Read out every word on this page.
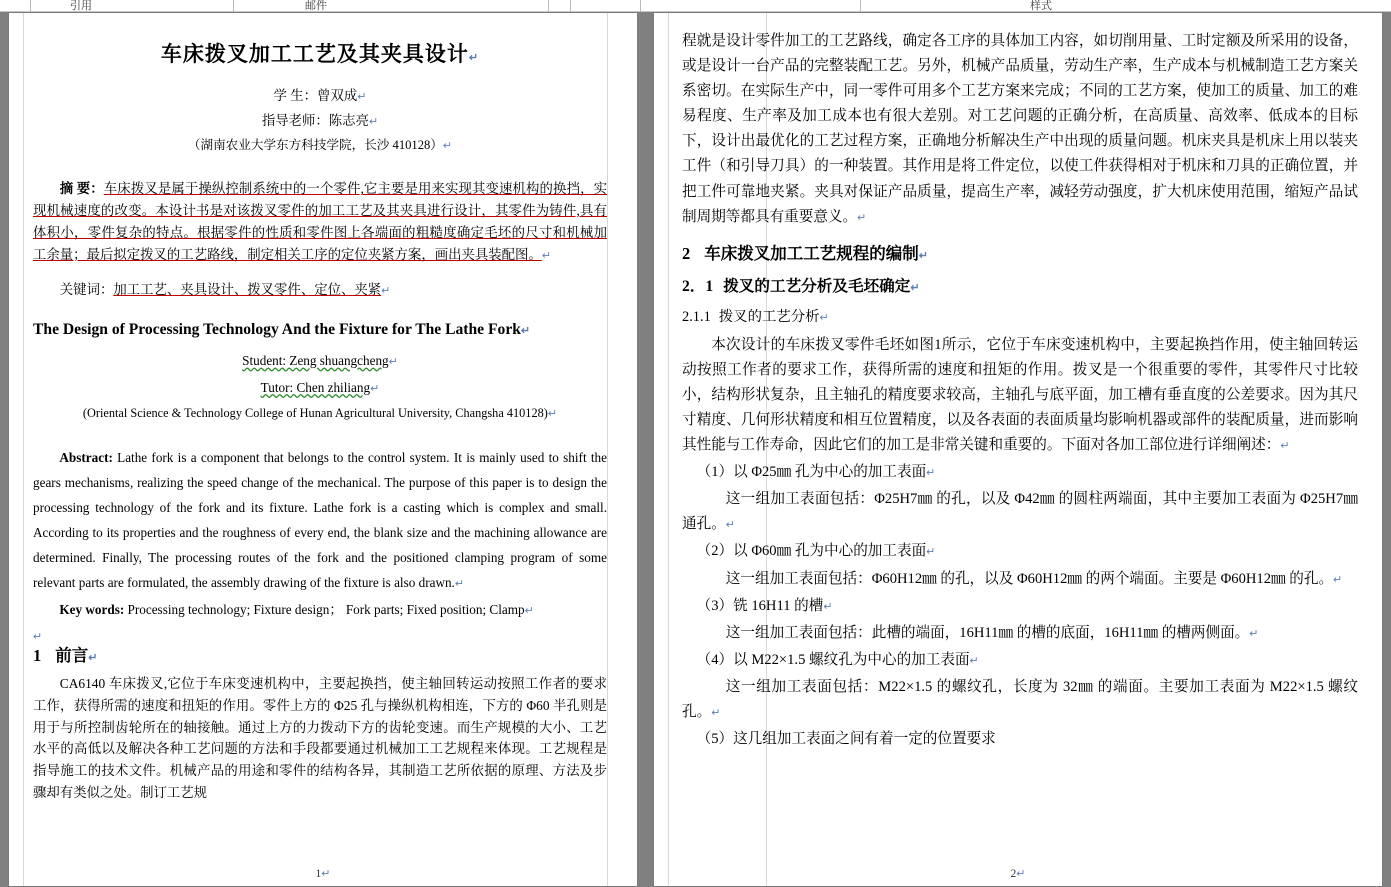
引用	邮件	样式
车床拨叉加工工艺及其夹具设计↵
学 生：曾双成↵
指导老师：陈志亮↵
（湖南农业大学东方科技学院，长沙 410128）↵
摘 要：车床拨叉是属于操纵控制系统中的一个零件,它主要是用来实现其变速机构的换挡，实现机械速度的改变。本设计书是对该拨叉零件的加工工艺及其夹具进行设计，其零件为铸件,具有体积小，零件复杂的特点。根据零件的性质和零件图上各端面的粗糙度确定毛坯的尺寸和机械加工余量；最后拟定拨叉的工艺路线，制定相关工序的定位夹紧方案，画出夹具装配图。↵
关键词：加工工艺、夹具设计、拨叉零件、定位、夹紧↵
The Design of Processing Technology And the Fixture for The Lathe Fork↵
Student: Zeng shuangcheng↵
Tutor: Chen zhiliang↵
(Oriental Science & Technology College of Hunan Agricultural University, Changsha 410128)↵
Abstract: Lathe fork is a component that belongs to the control system. It is mainly used to shift the gears mechanisms, realizing the speed change of the mechanical. The purpose of this paper is to design the processing technology of the fork and its fixture. Lathe fork is a casting which is complex and small. According to its properties and the roughness of every end, the blank size and the machining allowance are determined. Finally, The processing routes of the fork and the positioned clamping program of some relevant parts are formulated, the assembly drawing of the fixture is also drawn.↵
Key words: Processing technology; Fixture design； Fork parts; Fixed position; Clamp↵
↵
1 前言↵
CA6140 车床拨叉,它位于车床变速机构中，主要起换挡，使主轴回转运动按照工作者的要求工作，获得所需的速度和扭矩的作用。零件上方的 Φ25 孔与操纵机构相连，下方的 Φ60 半孔则是用于与所控制齿轮所在的轴接触。通过上方的力拨动下方的齿轮变速。而生产规模的大小、工艺水平的高低以及解决各种工艺问题的方法和手段都要通过机械加工工艺规程来体现。工艺规程是指导施工的技术文件。机械产品的用途和零件的结构各异，其制造工艺所依据的原理、方法及步骤却有类似之处。制订工艺规
1↵
程就是设计零件加工的工艺路线，确定各工序的具体加工内容，如切削用量、工时定额及所采用的设备，或是设计一台产品的完整装配工艺。另外，机械产品质量，劳动生产率，生产成本与机械制造工艺方案关系密切。在实际生产中，同一零件可用多个工艺方案来完成；不同的工艺方案，使加工的质量、加工的难易程度、生产率及加工成本也有很大差别。对工艺问题的正确分析，在高质量、高效率、低成本的目标下，设计出最优化的工艺过程方案，正确地分析解决生产中出现的质量问题。机床夹具是机床上用以装夹工件（和引导刀具）的一种装置。其作用是将工件定位，以使工件获得相对于机床和刀具的正确位置，并把工件可靠地夹紧。夹具对保证产品质量，提高生产率，减轻劳动强度，扩大机床使用范围，缩短产品试制周期等都具有重要意义。↵
2 车床拨叉加工工艺规程的编制↵
2．1 拨叉的工艺分析及毛坯确定↵
2.1.1 拨叉的工艺分析↵
本次设计的车床拨叉零件毛坯如图1所示，它位于车床变速机构中，主要起换挡作用，使主轴回转运动按照工作者的要求工作，获得所需的速度和扭矩的作用。拨叉是一个很重要的零件，其零件尺寸比较小，结构形状复杂，且主轴孔的精度要求较高，主轴孔与底平面，加工槽有垂直度的公差要求。因为其尺寸精度、几何形状精度和相互位置精度，以及各表面的表面质量均影响机器或部件的装配质量，进而影响其性能与工作寿命，因此它们的加工是非常关键和重要的。下面对各加工部位进行详细阐述：↵
（1）以 Φ25㎜ 孔为中心的加工表面↵
这一组加工表面包括：Φ25H7㎜ 的孔，以及 Φ42㎜ 的圆柱两端面，其中主要加工表面为 Φ25H7㎜ 通孔。↵
（2）以 Φ60㎜ 孔为中心的加工表面↵
这一组加工表面包括：Φ60H12㎜ 的孔，以及 Φ60H12㎜ 的两个端面。主要是 Φ60H12㎜ 的孔。↵
（3）铣 16H11 的槽↵
这一组加工表面包括：此槽的端面，16H11㎜ 的槽的底面，16H11㎜ 的槽两侧面。↵
（4）以 M22×1.5 螺纹孔为中心的加工表面↵
这一组加工表面包括：M22×1.5 的螺纹孔，长度为 32㎜ 的端面。主要加工表面为 M22×1.5 螺纹孔。↵
（5）这几组加工表面之间有着一定的位置要求
2↵
